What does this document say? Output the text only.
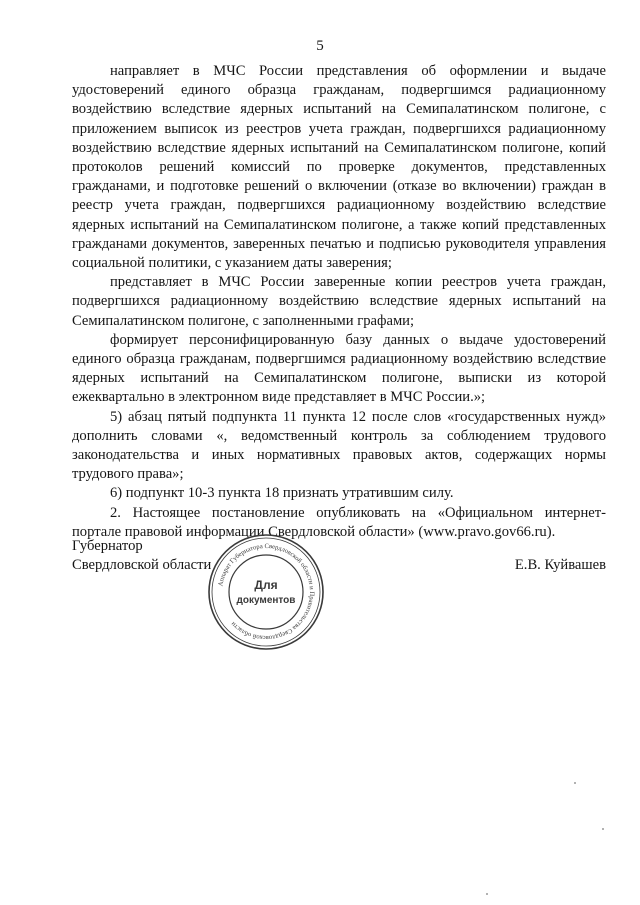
5

направляет в МЧС России представления об оформлении и выдаче удостоверений единого образца гражданам, подвергшимся радиационному воздействию вследствие ядерных испытаний на Семипалатинском полигоне, с приложением выписок из реестров учета граждан, подвергшихся радиационному воздействию вследствие ядерных испытаний на Семипалатинском полигоне, копий протоколов решений комиссий по проверке документов, представленных гражданами, и подготовке решений о включении (отказе во включении) граждан в реестр учета граждан, подвергшихся радиационному воздействию вследствие ядерных испытаний на Семипалатинском полигоне, а также копий представленных гражданами документов, заверенных печатью и подписью руководителя управления социальной политики, с указанием даты заверения;

представляет в МЧС России заверенные копии реестров учета граждан, подвергшихся радиационному воздействию вследствие ядерных испытаний на Семипалатинском полигоне, с заполненными графами;

формирует персонифицированную базу данных о выдаче удостоверений единого образца гражданам, подвергшимся радиационному воздействию вследствие ядерных испытаний на Семипалатинском полигоне, выписки из которой ежеквартально в электронном виде представляет в МЧС России.»;

5) абзац пятый подпункта 11 пункта 12 после слов «государственных нужд» дополнить словами «, ведомственный контроль за соблюдением трудового законодательства и иных нормативных правовых актов, содержащих нормы трудового права»;

6) подпункт 10-3 пункта 18 признать утратившим силу.

2. Настоящее постановление опубликовать на «Официальном интернет-портале правовой информации Свердловской области» (www.pravo.gov66.ru).

Губернатор
Свердловской области	Е.В. Куйвашев
Аппарат Губернатора Свердловской области и Правительства Свердловской области
Для
документов
